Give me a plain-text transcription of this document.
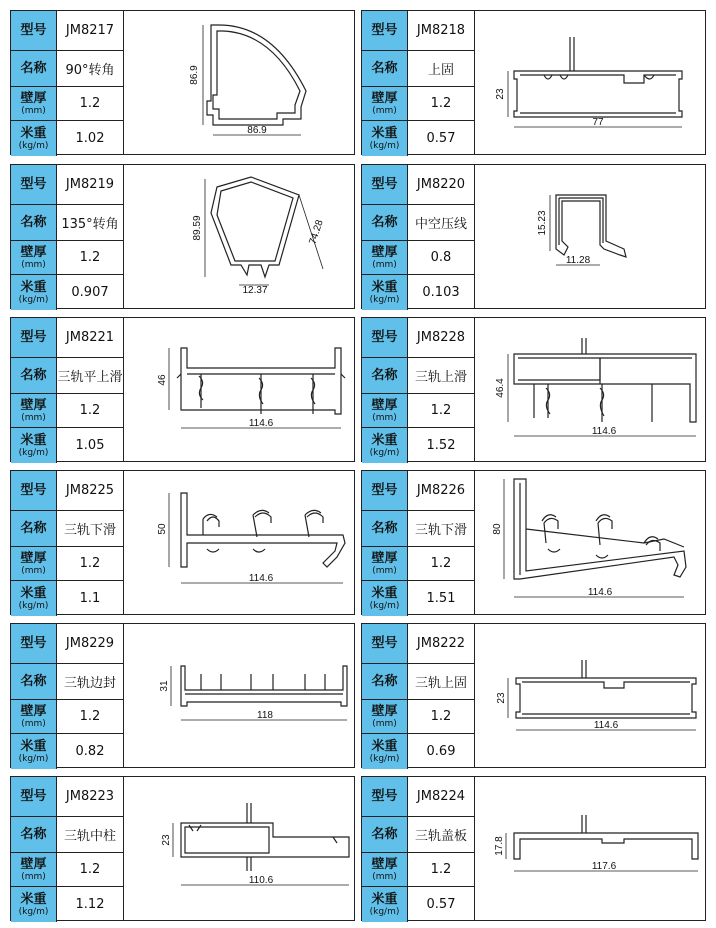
型号	JM8217
名称	90°转角
壁厚
(mm)	1.2
米重
(kg/m)	1.02
86.9
86.9
型号	JM8218
名称	上固
壁厚
(mm)	1.2
米重
(kg/m)	0.57
23
77
型号	JM8219
名称	135°转角
壁厚
(mm)	1.2
米重
(kg/m)	0.907
89.59	74.28
12.37
型号	JM8220
名称	中空压线
壁厚
(mm)	0.8
米重
(kg/m)	0.103
15.23
11.28
型号	JM8221
名称 三轨平上滑
壁厚
(mm)	1.2
米重
(kg/m)	1.05
46
114.6
型号	JM8228
名称	三轨上滑
壁厚
(mm)	1.2
米重
(kg/m)	1.52
46.4
114.6
型号	JM8225
名称	三轨下滑
壁厚
(mm)	1.2
米重
(kg/m)	1.1
50
114.6
型号	JM8226
名称	三轨下滑
壁厚
(mm)	1.2
米重
(kg/m)	1.51
80
114.6
型号	JM8229
名称	三轨边封
壁厚
(mm)	1.2
米重
(kg/m)	0.82
31
118
型号	JM8222
名称	三轨上固
壁厚
(mm)	1.2
米重
(kg/m)	0.69
23
114.6
型号	JM8223
名称	三轨中柱
壁厚
(mm)	1.2
米重
(kg/m)	1.12
23
110.6
型号	JM8224
名称	三轨盖板
壁厚
(mm)	1.2
米重
(kg/m)	0.57
17.8
117.6
